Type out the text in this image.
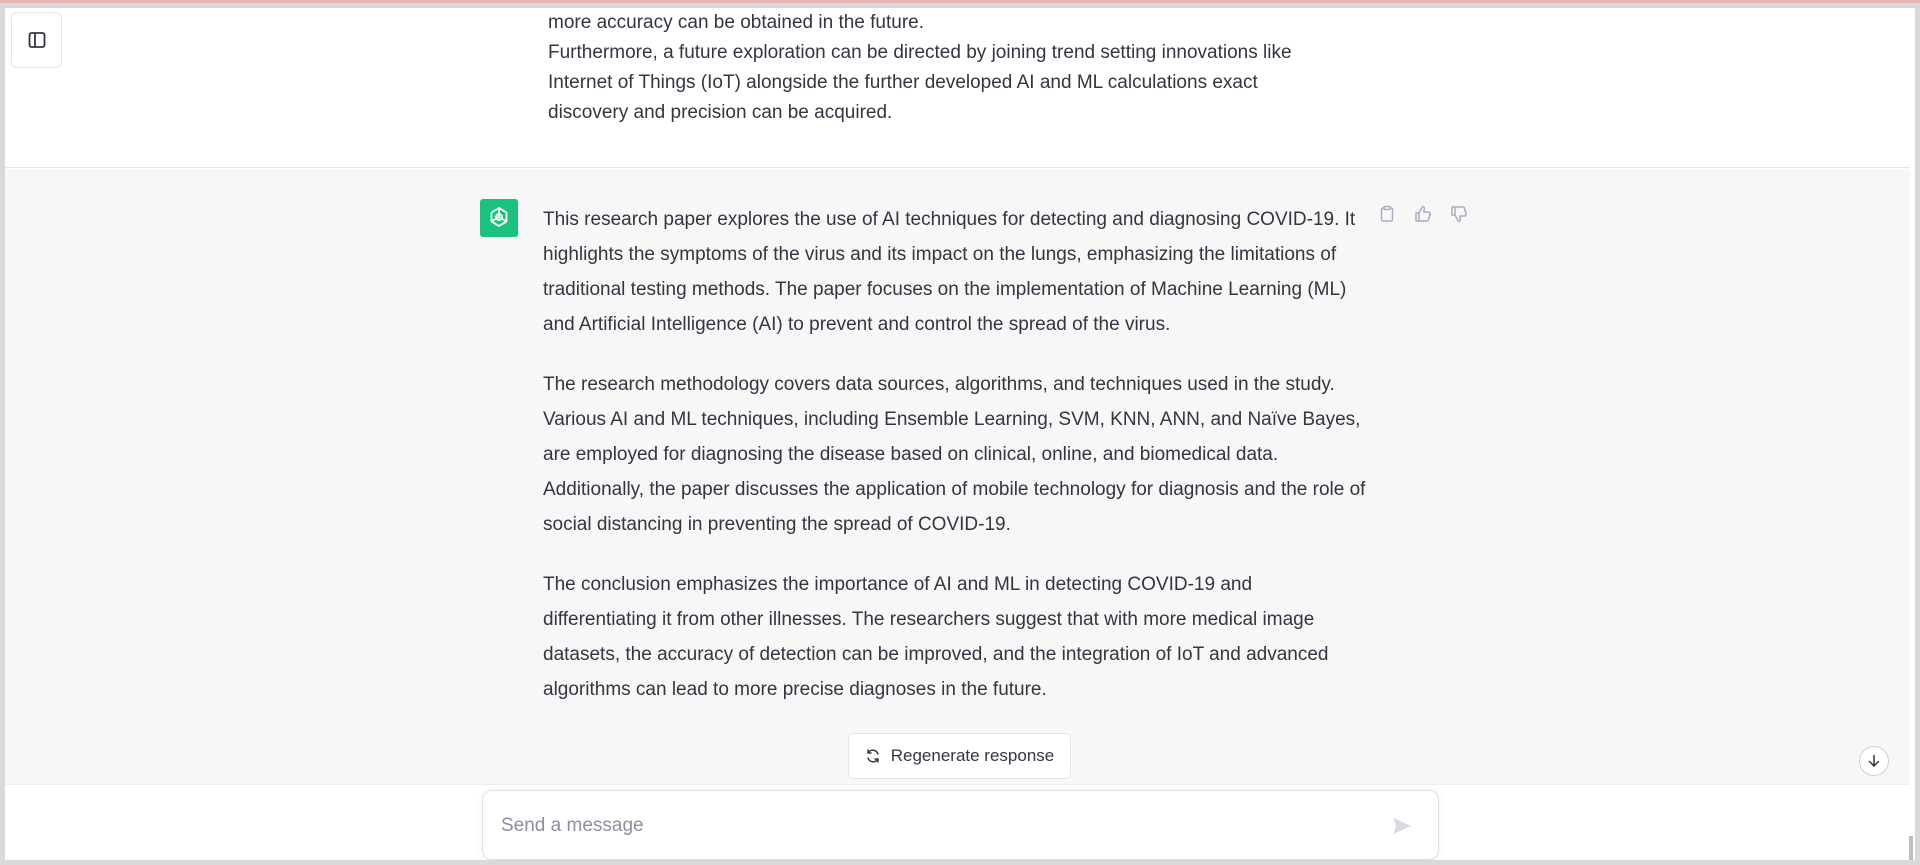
more accuracy can be obtained in the future.
Furthermore, a future exploration can be directed by joining trend setting innovations like
Internet of Things (IoT) alongside the further developed AI and ML calculations exact
discovery and precision can be acquired.

This research paper explores the use of AI techniques for detecting and diagnosing COVID-19. It highlights the symptoms of the virus and its impact on the lungs, emphasizing the limitations of traditional testing methods. The paper focuses on the implementation of Machine Learning (ML) and Artificial Intelligence (AI) to prevent and control the spread of the virus.

The research methodology covers data sources, algorithms, and techniques used in the study. Various AI and ML techniques, including Ensemble Learning, SVM, KNN, ANN, and Naïve Bayes, are employed for diagnosing the disease based on clinical, online, and biomedical data. Additionally, the paper discusses the application of mobile technology for diagnosis and the role of social distancing in preventing the spread of COVID-19.

The conclusion emphasizes the importance of AI and ML in detecting COVID-19 and differentiating it from other illnesses. The researchers suggest that with more medical image datasets, the accuracy of detection can be improved, and the integration of IoT and advanced algorithms can lead to more precise diagnoses in the future.

Regenerate response
Send a message
